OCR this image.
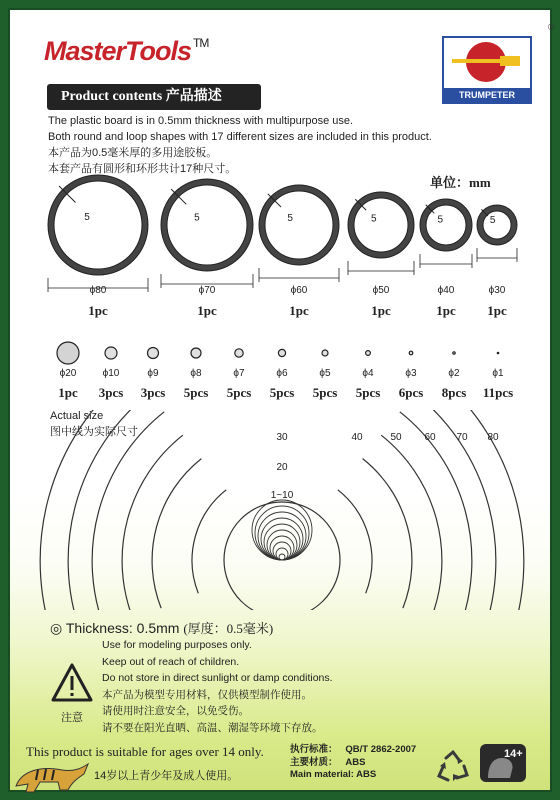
MasterTools ™
®
TRUMPETER
Product contents 产品描述
The plastic board is in 0.5mm thickness with multipurpose use.
Both round and loop shapes with 17 different sizes are included in this product.
本产品为0.5毫米厚的多用途胶板。
本套产品有圆形和环形共计17种尺寸。
单位：mm
5
ϕ80
1pc
5
ϕ70
1pc
5
ϕ60
1pc
5
ϕ50
1pc
5
ϕ40
1pc
5
ϕ30
1pc
ϕ20
1pc
ϕ10
3pcs
ϕ9
3pcs
ϕ8
5pcs
ϕ7
5pcs
ϕ6
5pcs
ϕ5
5pcs
ϕ4
5pcs
ϕ3
6pcs
ϕ2
8pcs
ϕ1
11pcs
Actual size
图中线为实际尺寸	30	40	50 60 70 80
20
1~10
◎ Thickness: 0.5mm (厚度：0.5毫米)
Use for modeling purposes only.
Keep out of reach of children.
Do not store in direct sunlight or damp conditions.
本产品为模型专用材料，仅供模型制作使用。
请使用时注意安全，以免受伤。
请不要在阳光直晒、高温、潮湿等环境下存放。
注意
This product is suitable for ages over 14 only.
14岁以上青少年及成人使用。
执行标准：   QB/T 2862-2007
主要材质：   ABS
Main material: ABS
14+
